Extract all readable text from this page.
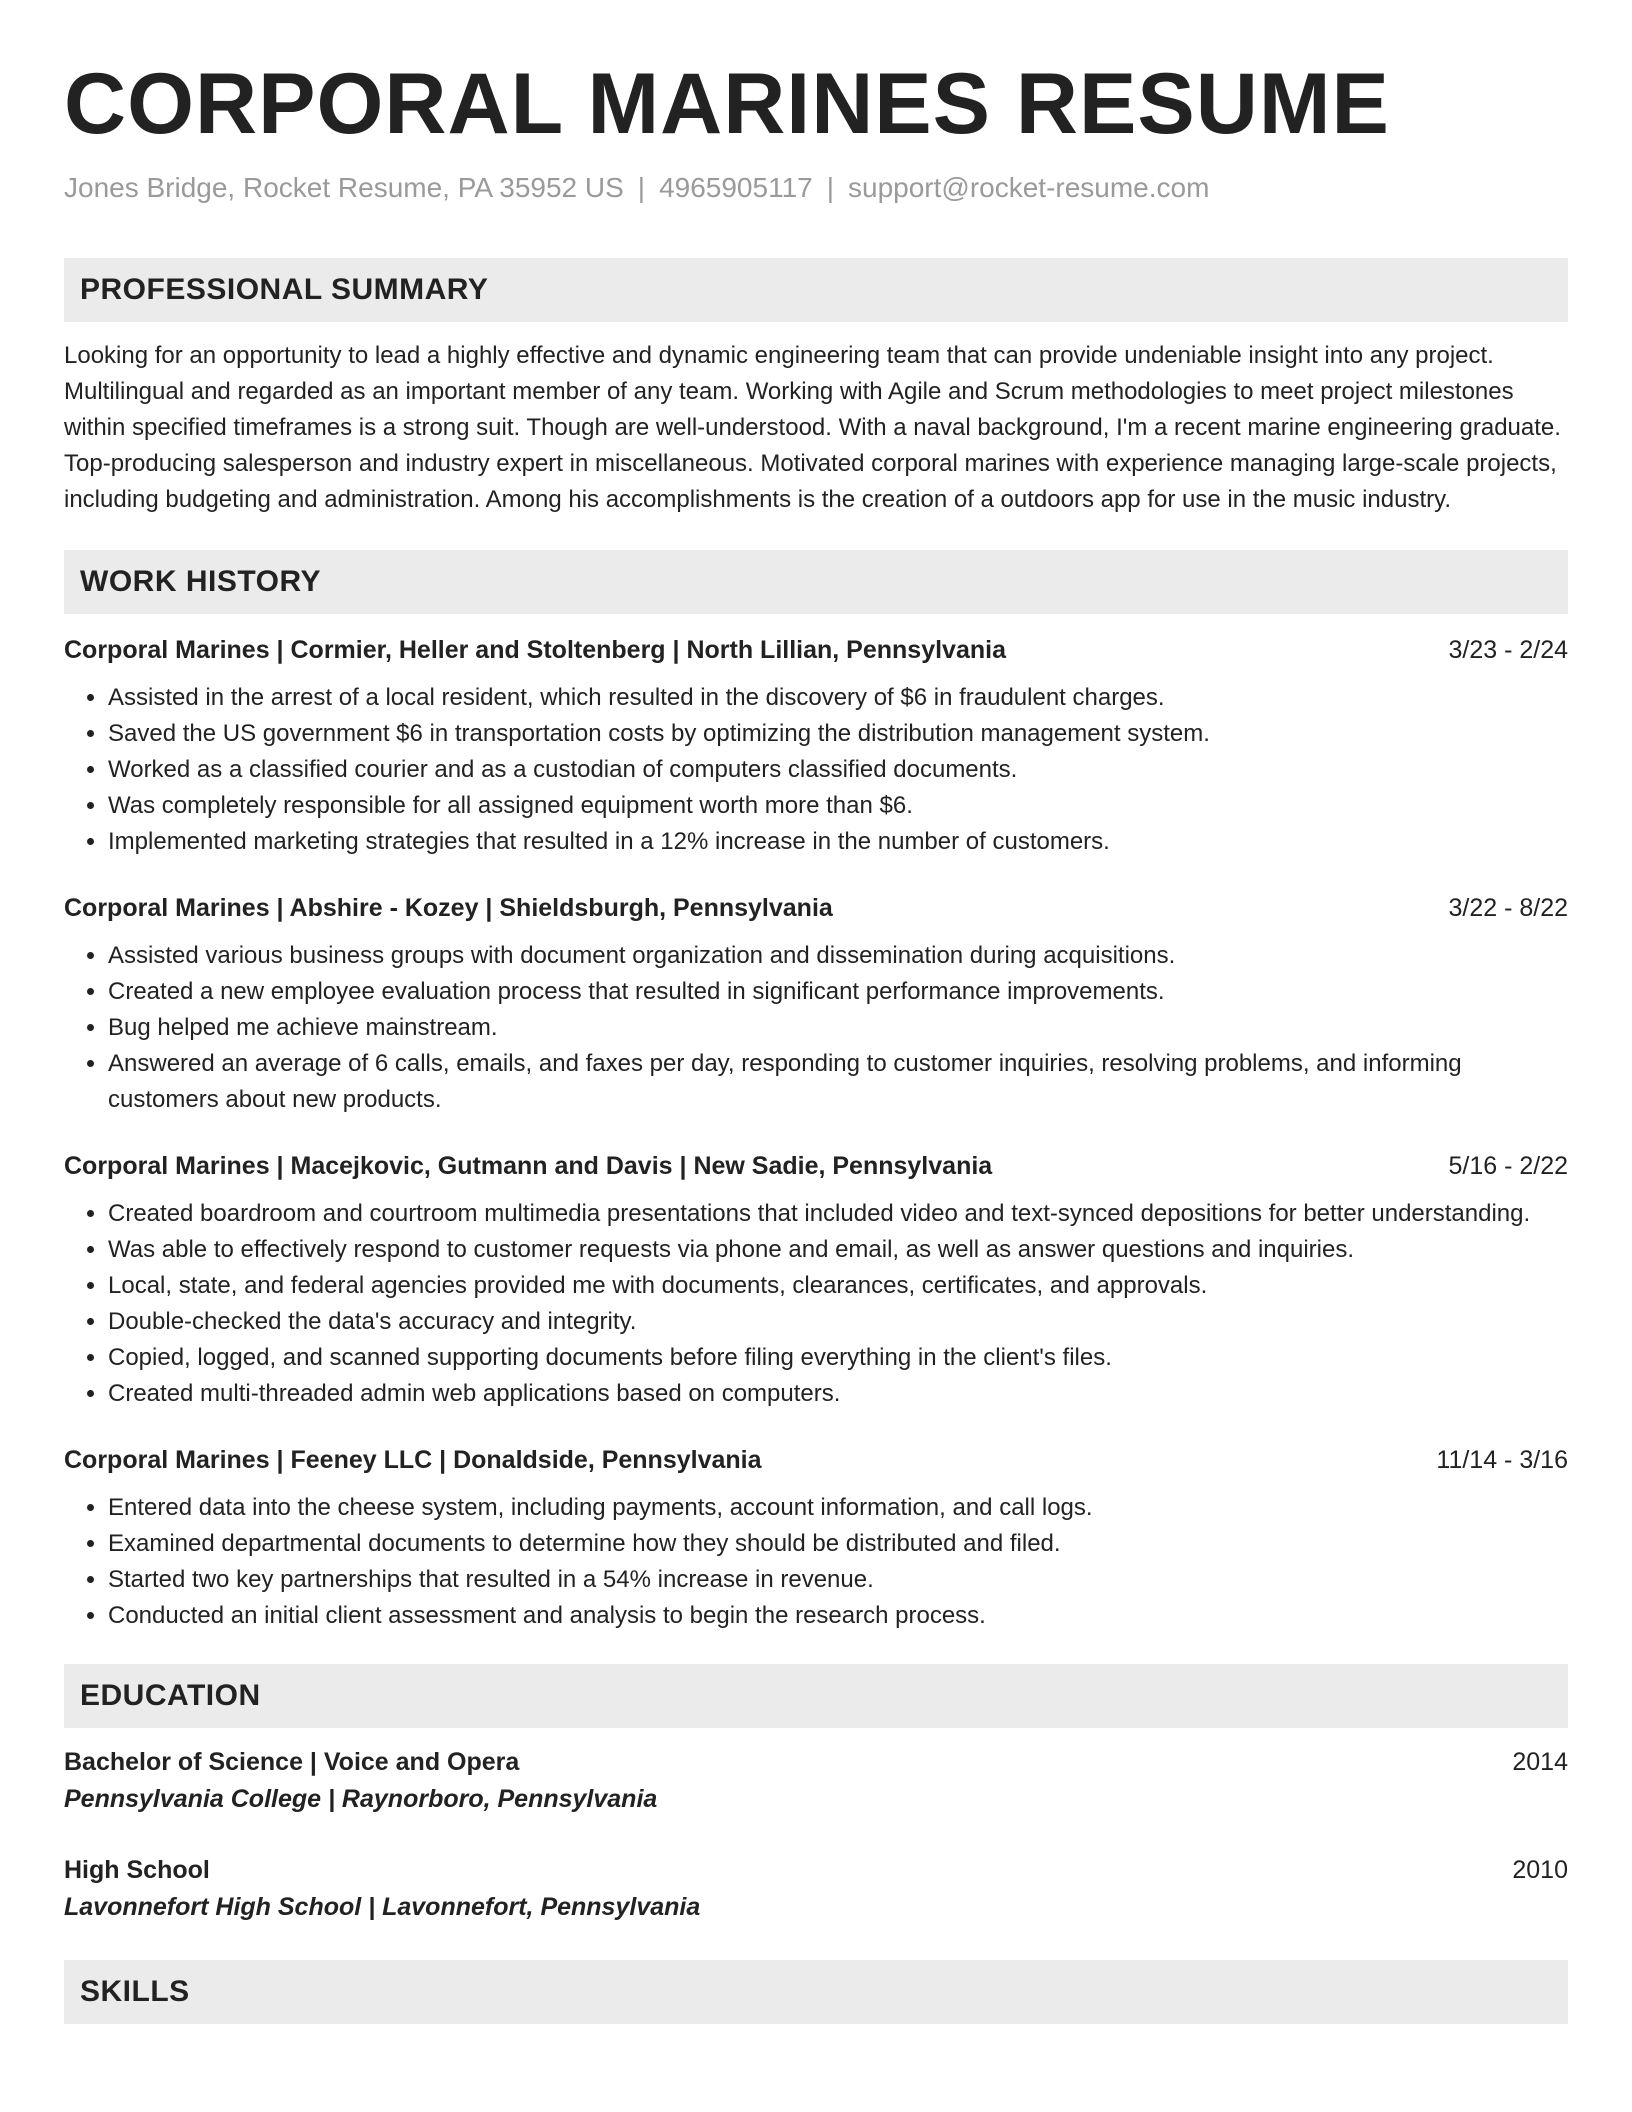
CORPORAL MARINES RESUME
Jones Bridge, Rocket Resume, PA 35952 US | 4965905117 | support@rocket-resume.com
PROFESSIONAL SUMMARY
Looking for an opportunity to lead a highly effective and dynamic engineering team that can provide undeniable insight into any project. Multilingual and regarded as an important member of any team. Working with Agile and Scrum methodologies to meet project milestones within specified timeframes is a strong suit. Though are well-understood. With a naval background, I'm a recent marine engineering graduate. Top-producing salesperson and industry expert in miscellaneous. Motivated corporal marines with experience managing large-scale projects, including budgeting and administration. Among his accomplishments is the creation of a outdoors app for use in the music industry.
WORK HISTORY
Corporal Marines | Cormier, Heller and Stoltenberg | North Lillian, Pennsylvania	3/23 - 2/24
• Assisted in the arrest of a local resident, which resulted in the discovery of $6 in fraudulent charges.
• Saved the US government $6 in transportation costs by optimizing the distribution management system.
• Worked as a classified courier and as a custodian of computers classified documents.
• Was completely responsible for all assigned equipment worth more than $6.
• Implemented marketing strategies that resulted in a 12% increase in the number of customers.
Corporal Marines | Abshire - Kozey | Shieldsburgh, Pennsylvania	3/22 - 8/22
• Assisted various business groups with document organization and dissemination during acquisitions.
• Created a new employee evaluation process that resulted in significant performance improvements.
• Bug helped me achieve mainstream.
• Answered an average of 6 calls, emails, and faxes per day, responding to customer inquiries, resolving problems, and informing customers about new products.
Corporal Marines | Macejkovic, Gutmann and Davis | New Sadie, Pennsylvania	5/16 - 2/22
• Created boardroom and courtroom multimedia presentations that included video and text-synced depositions for better understanding.
• Was able to effectively respond to customer requests via phone and email, as well as answer questions and inquiries.
• Local, state, and federal agencies provided me with documents, clearances, certificates, and approvals.
• Double-checked the data's accuracy and integrity.
• Copied, logged, and scanned supporting documents before filing everything in the client's files.
• Created multi-threaded admin web applications based on computers.
Corporal Marines | Feeney LLC | Donaldside, Pennsylvania	11/14 - 3/16
• Entered data into the cheese system, including payments, account information, and call logs.
• Examined departmental documents to determine how they should be distributed and filed.
• Started two key partnerships that resulted in a 54% increase in revenue.
• Conducted an initial client assessment and analysis to begin the research process.
EDUCATION
Bachelor of Science | Voice and Opera	2014
Pennsylvania College | Raynorboro, Pennsylvania
High School	2010
Lavonnefort High School | Lavonnefort, Pennsylvania
SKILLS
